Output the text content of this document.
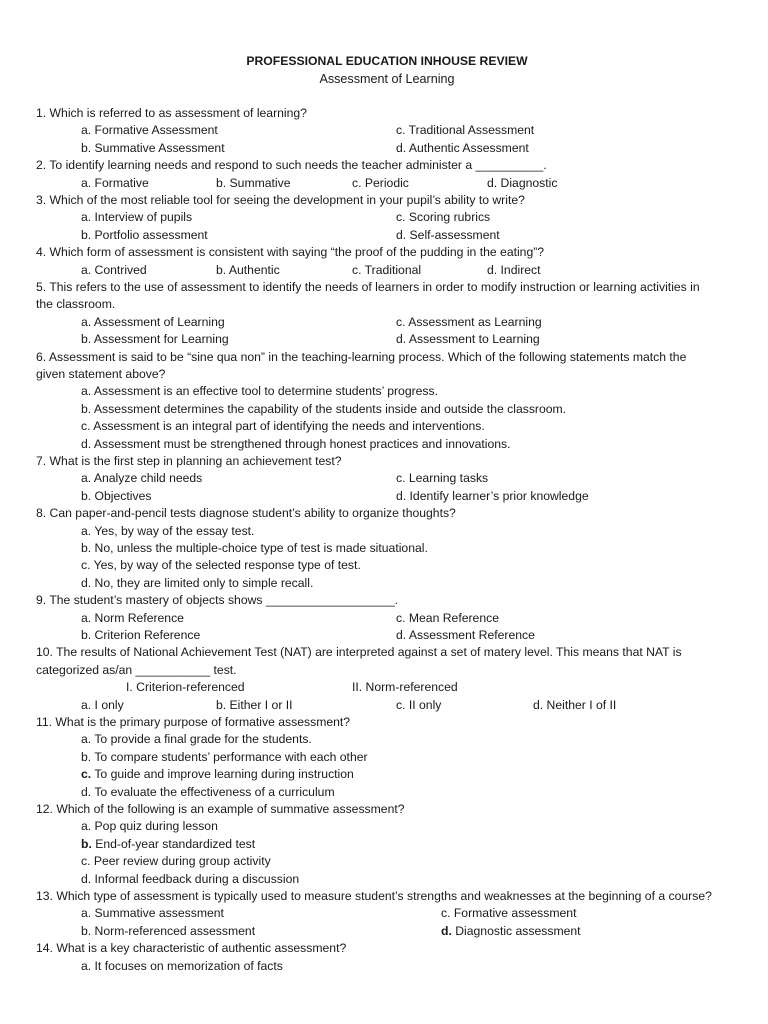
PROFESSIONAL EDUCATION INHOUSE REVIEW
Assessment of Learning
1. Which is referred to as assessment of learning?
a. Formative Assessment	c. Traditional Assessment
b. Summative Assessment	d. Authentic Assessment
2. To identify learning needs and respond to such needs the teacher administer a __________.
a. Formative	b. Summative	c. Periodic	d. Diagnostic
3. Which of the most reliable tool for seeing the development in your pupil’s ability to write?
a. Interview of pupils	c. Scoring rubrics
b. Portfolio assessment	d. Self-assessment
4. Which form of assessment is consistent with saying “the proof of the pudding in the eating”?
a. Contrived	b. Authentic	c. Traditional	d. Indirect
5. This refers to the use of assessment to identify the needs of learners in order to modify instruction or learning activities in
the classroom.
a. Assessment of Learning	c. Assessment as Learning
b. Assessment for Learning	d. Assessment to Learning
6. Assessment is said to be “sine qua non” in the teaching-learning process. Which of the following statements match the
given statement above?
a. Assessment is an effective tool to determine students’ progress.
b. Assessment determines the capability of the students inside and outside the classroom.
c. Assessment is an integral part of identifying the needs and interventions.
d. Assessment must be strengthened through honest practices and innovations.
7. What is the first step in planning an achievement test?
a. Analyze child needs	c. Learning tasks
b. Objectives	d. Identify learner’s prior knowledge
8. Can paper-and-pencil tests diagnose student’s ability to organize thoughts?
a. Yes, by way of the essay test.
b. No, unless the multiple-choice type of test is made situational.
c. Yes, by way of the selected response type of test.
d. No, they are limited only to simple recall.
9. The student’s mastery of objects shows ___________________.
a. Norm Reference	c. Mean Reference
b. Criterion Reference	d. Assessment Reference
10. The results of National Achievement Test (NAT) are interpreted against a set of matery level. This means that NAT is
categorized as/an ___________ test.
I. Criterion-referenced	II. Norm-referenced
a. I only	b. Either I or II	c. II only	d. Neither I of II
11. What is the primary purpose of formative assessment?
a. To provide a final grade for the students.
b. To compare students’ performance with each other
c. To guide and improve learning during instruction
d. To evaluate the effectiveness of a curriculum
12. Which of the following is an example of summative assessment?
a. Pop quiz during lesson
b. End-of-year standardized test
c. Peer review during group activity
d. Informal feedback during a discussion
13. Which type of assessment is typically used to measure student’s strengths and weaknesses at the beginning of a course?
a. Summative assessment	c. Formative assessment
b. Norm-referenced assessment	d. Diagnostic assessment
14. What is a key characteristic of authentic assessment?
a. It focuses on memorization of facts
